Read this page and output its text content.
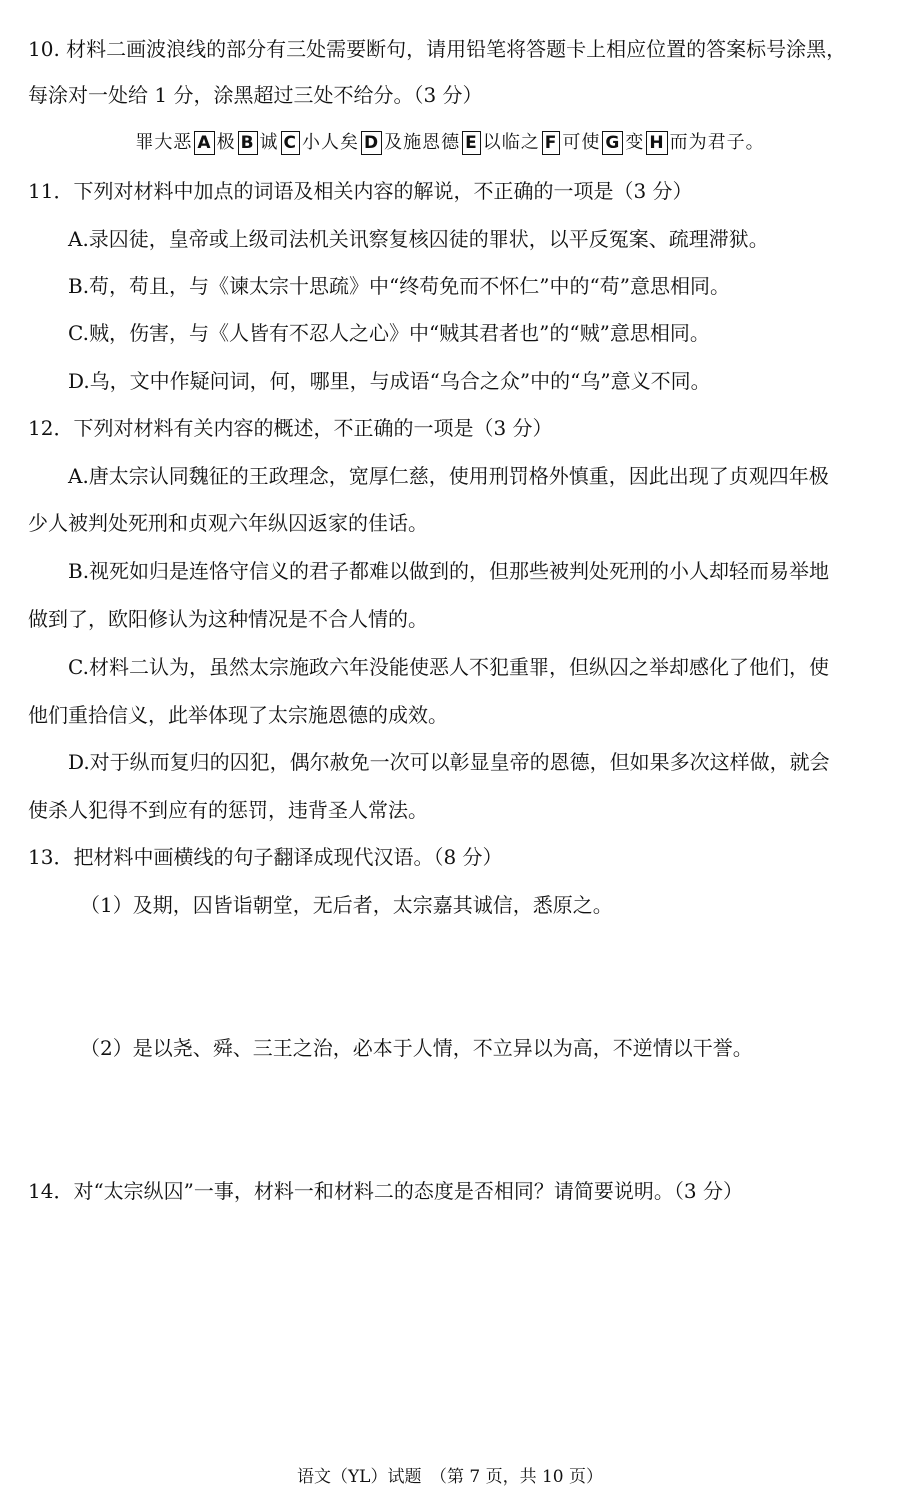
10. 材料二画波浪线的部分有三处需要断句，请用铅笔将答题卡上相应位置的答案标号涂黑，
每涂对一处给 1 分，涂黑超过三处不给分。（3 分）
罪大恶 A 极 B 诚 C 小人矣 D 及施恩德 E 以临之 F 可使 G 变 H 而为君子。
11．下列对材料中加点的词语及相关内容的解说，不正确的一项是（3 分）
A.录囚徒，皇帝或上级司法机关讯察复核囚徒的罪状，以平反冤案、疏理滞狱。
B.苟，苟且，与《谏太宗十思疏》中“终苟免而不怀仁”中的“苟”意思相同。
C.贼，伤害，与《人皆有不忍人之心》中“贼其君者也”的“贼”意思相同。
D.乌，文中作疑问词，何，哪里，与成语“乌合之众”中的“乌”意义不同。
12．下列对材料有关内容的概述，不正确的一项是（3 分）
A.唐太宗认同魏征的王政理念，宽厚仁慈，使用刑罚格外慎重，因此出现了贞观四年极
少人被判处死刑和贞观六年纵囚返家的佳话。
B.视死如归是连恪守信义的君子都难以做到的，但那些被判处死刑的小人却轻而易举地
做到了，欧阳修认为这种情况是不合人情的。
C.材料二认为，虽然太宗施政六年没能使恶人不犯重罪，但纵囚之举却感化了他们，使
他们重拾信义，此举体现了太宗施恩德的成效。
D.对于纵而复归的囚犯，偶尔赦免一次可以彰显皇帝的恩德，但如果多次这样做，就会
使杀人犯得不到应有的惩罚，违背圣人常法。
13．把材料中画横线的句子翻译成现代汉语。（8 分）
（1）及期，囚皆诣朝堂，无后者，太宗嘉其诚信，悉原之。
（2）是以尧、舜、三王之治，必本于人情，不立异以为高，不逆情以干誉。
14．对“太宗纵囚”一事，材料一和材料二的态度是否相同？请简要说明。（3 分）
语文（YL）试题　（第 7 页，共 10 页）
